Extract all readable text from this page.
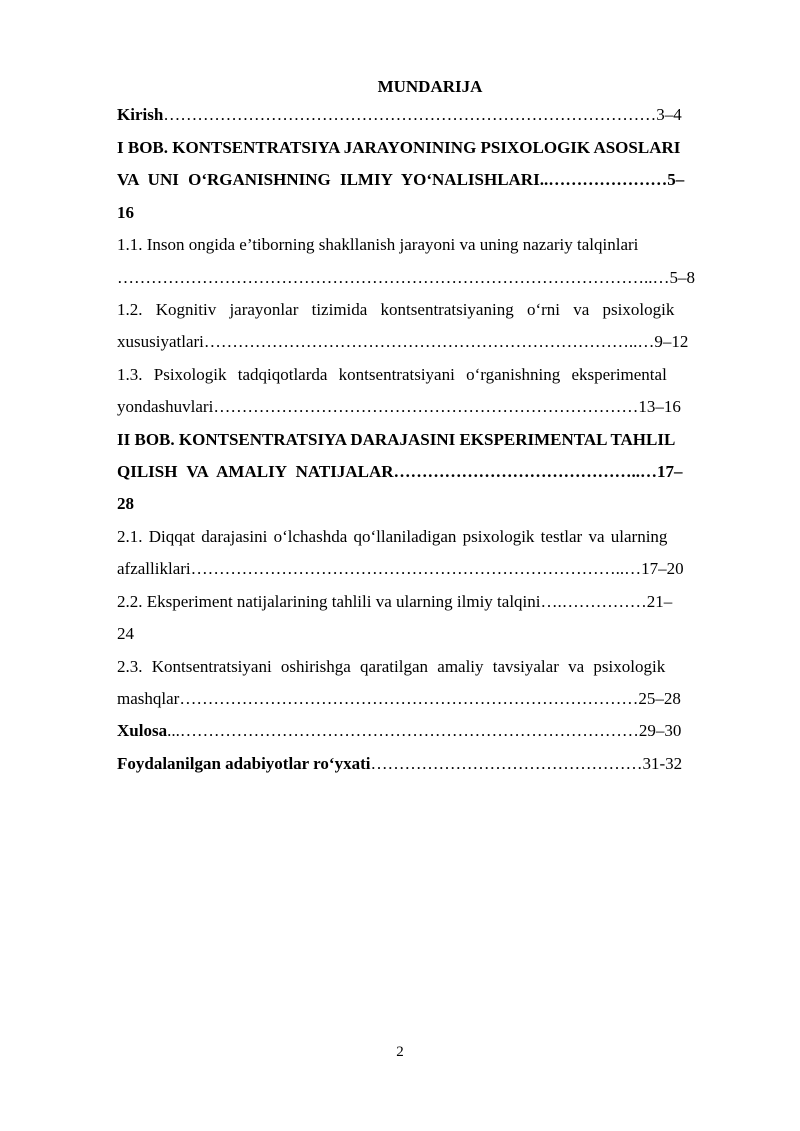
MUNDARIJA

Kirish……………………………………………………………………………3–4

I BOB. KONTSENTRATSIYA JARAYONINING PSIXOLOGIK ASOSLARI
VA UNI O‘RGANISHNING ILMIY YO‘NALISHLARI..…………………5–
16

1.1. Inson ongida e’tiborning shakllanish jarayoni va uning nazariy talqinlari
…………………………………………………………………………………..…5–8

1.2. Kognitiv jarayonlar tizimida kontsentratsiyaning o‘rni va psixologik
xususiyatlari…………………………………………………………………..…9–12

1.3. Psixologik tadqiqotlarda kontsentratsiyani o‘rganishning eksperimental
yondashuvlari…………………………………………………………………13–16

II BOB. KONTSENTRATSIYA DARAJASINI EKSPERIMENTAL TAHLIL
QILISH VA AMALIY NATIJALAR……………………………………..…17–
28

2.1. Diqqat darajasini o‘lchashda qo‘llaniladigan psixologik testlar va ularning
afzalliklari…………………………………………………………………..…17–20

2.2. Eksperiment natijalarining tahlili va ularning ilmiy talqini….……………21–
24

2.3. Kontsentratsiyani oshirishga qaratilgan amaliy tavsiyalar va psixologik
mashqlar………………………………………………………………………25–28

Xulosa...………………………………………………………………………29–30

Foydalanilgan adabiyotlar ro‘yxati…………………………………………31-32

2
